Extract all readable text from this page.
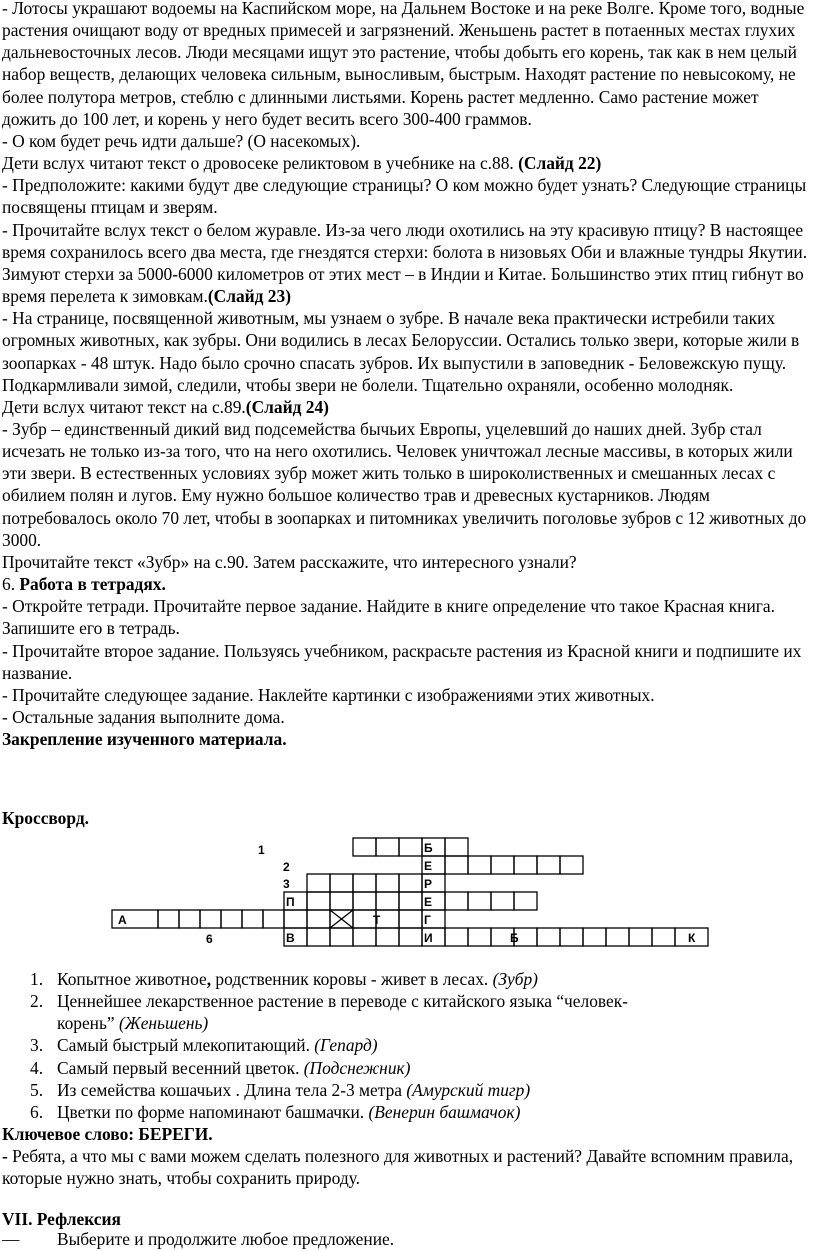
- Лотосы украшают водоемы на Каспийском море, на Дальнем Востоке и на реке Волге. Кроме того, водные растения очищают воду от вредных примесей и загрязнений. Женьшень растет в потаенных местах глухих дальневосточных лесов. Люди месяцами ищут это растение, чтобы добыть его корень, так как в нем целый набор веществ, делающих человека сильным, выносливым, быстрым. Находят растение по невысокому, не более полутора метров, стеблю с длинными листьями. Корень растет медленно. Само растение может дожить до 100 лет, и корень у него будет весить всего 300-400 граммов.

- О ком будет речь идти дальше? (О насекомых).

Дети вслух читают текст о дровосеке реликтовом в учебнике на с.88. (Слайд 22)

- Предположите: какими будут две следующие страницы? О ком можно будет узнать? Следующие страницы посвящены птицам и зверям.

- Прочитайте вслух текст о белом журавле. Из-за чего люди охотились на эту красивую птицу? В настоящее время сохранилось всего два места, где гнездятся стерхи: болота в низовьях Оби и влажные тундры Якутии. Зимуют стерхи за 5000-6000 километров от этих мест – в Индии и Китае. Большинство этих птиц гибнут во время перелета к зимовкам.(Слайд 23)

- На странице, посвященной животным, мы узнаем о зубре. В начале века практически истребили таких огромных животных, как зубры. Они водились в лесах Белоруссии. Остались только звери, которые жили в зоопарках - 48 штук. Надо было срочно спасать зубров. Их выпустили в заповедник - Беловежскую пущу. Подкармливали зимой, следили, чтобы звери не болели. Тщательно охраняли, особенно молодняк.

Дети вслух читают текст на с.89.(Слайд 24)

- Зубр – единственный дикий вид подсемейства бычьих Европы, уцелевший до наших дней. Зубр стал исчезать не только из-за того, что на него охотились. Человек уничтожал лесные массивы, в которых жили эти звери. В естественных условиях зубр может жить только в широколиственных и смешанных лесах с обилием полян и лугов. Ему нужно большое количество трав и древесных кустарников. Людям потребовалось около 70 лет, чтобы в зоопарках и питомниках увеличить поголовье зубров с 12 животных до 3000.

Прочитайте текст «Зубр» на с.90. Затем расскажите, что интересного узнали?

6. Работа в тетрадях.

- Откройте тетради. Прочитайте первое задание. Найдите в книге определение что такое Красная книга. Запишите его в тетрадь.

- Прочитайте второе задание. Пользуясь учебником, раскрасьте растения из Красной книги и подпишите их название.

- Прочитайте следующее задание. Наклейте картинки с изображениями этих животных.

- Остальные задания выполните дома.

Закрепление изученного материала.

Кроссворд.

1
2
3
6
Б
Е
Р
Е
Г
И
П
А	Т
В	Б	К
1. Копытное животное, родственник коровы - живет в лесах. (Зубр)
2. Ценнейшее лекарственное растение в переводе с китайского языка “человек-
корень” (Женьшень)
3. Самый быстрый млекопитающий. (Гепард)
4. Самый первый весенний цветок. (Подснежник)
5. Из семейства кошачьих . Длина тела 2-3 метра (Амурский тигр)
6. Цветки по форме напоминают башмачки. (Венерин башмачок)

Ключевое слово: БЕРЕГИ.

- Ребята, а что мы с вами можем сделать полезного для животных и растений? Давайте вспомним правила, которые нужно знать, чтобы сохранить природу.

VII. Рефлексия
— Выберите и продолжите любое предложение.
